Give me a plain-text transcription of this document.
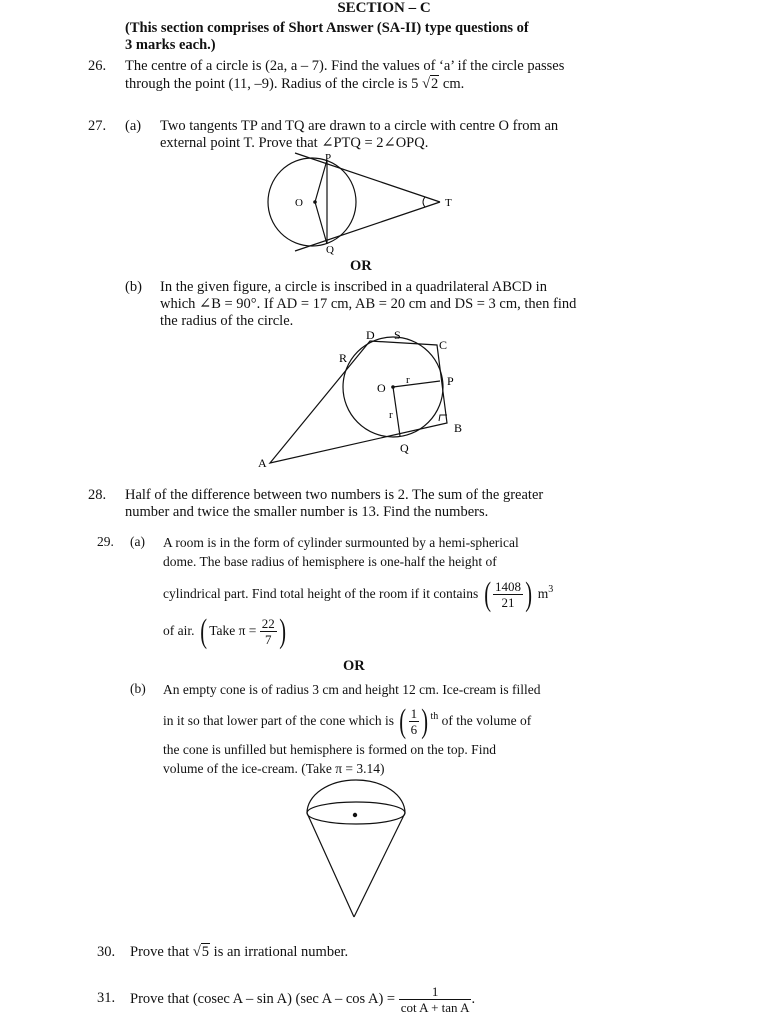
SECTION – C
(This section comprises of Short Answer (SA-II) type questions of
3 marks each.)
26. The centre of a circle is (2a, a – 7). Find the values of ‘a’ if the circle passes
through the point (11, –9). Radius of the circle is 5 √2 cm.
27. (a) Two tangents TP and TQ are drawn to a circle with centre O from an
external point T. Prove that ∠PTQ = 2∠OPQ.
P
O	T
Q
OR
(b) In the given figure, a circle is inscribed in a quadrilateral ABCD in
which ∠B = 90°. If AD = 17 cm, AB = 20 cm and DS = 3 cm, then find
the radius of the circle.
D S
C
R
O
r
r
P
B
Q
A
28. Half of the difference between two numbers is 2. The sum of the greater
number and twice the smaller number is 13. Find the numbers.
29. (a) A room is in the form of cylinder surmounted by a hemi-spherical
dome. The base radius of hemisphere is one-half the height of
cylindrical part. Find total height of the room if it contains ( $\frac{1408}{21}$ ) $m^3$
of air. ( Take $\pi = \frac{22}{7}$ )
OR
(b) An empty cone is of radius 3 cm and height 12 cm. Ice-cream is filled
in it so that lower part of the cone which is ( $\frac{1}{6}$ ) $^{th}$ of the volume of
the cone is unfilled but hemisphere is formed on the top. Find
volume of the ice-cream. (Take π = 3.14)
30. Prove that √5 is an irrational number.
31. Prove that (cosec A – sin A) (sec $A - \cos A) = \frac{1}{\text{cot A + tan A}}$ .
